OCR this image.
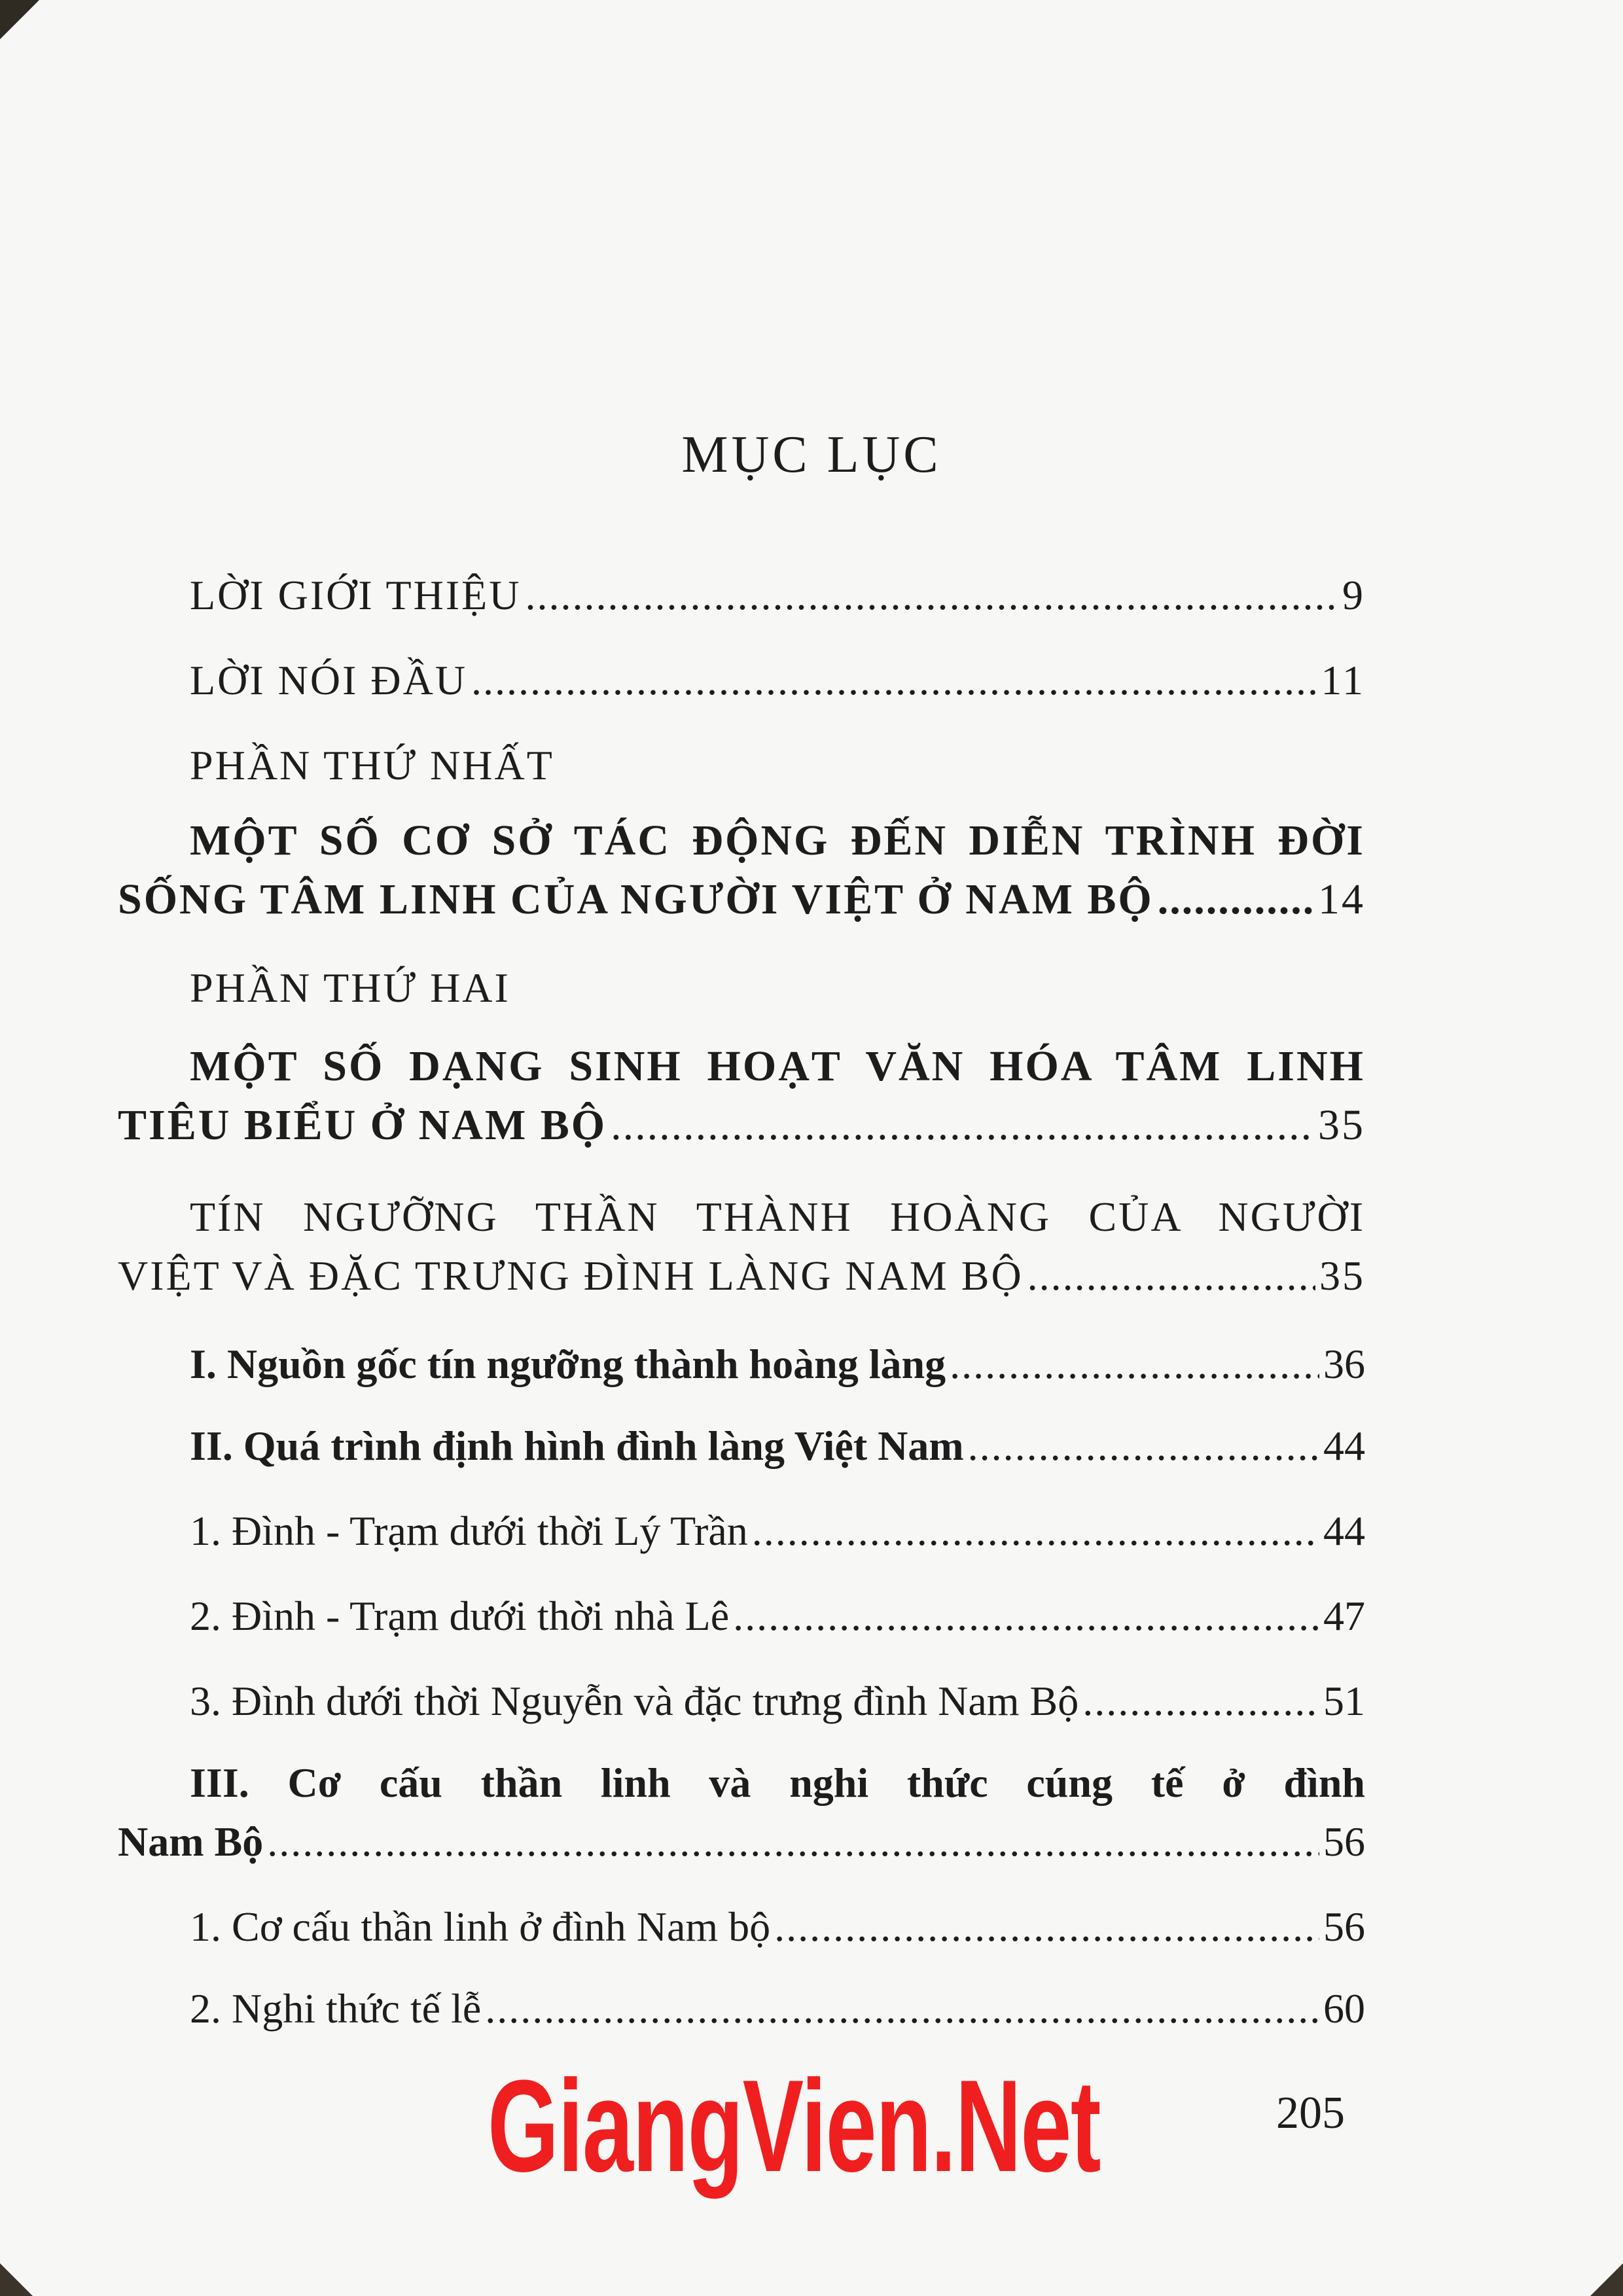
MỤC LỤC
LỜI GIỚI THIỆU .....	9
LỜI NÓI ĐẦU .....	11
PHẦN THỨ NHẤT
MỘT SỐ CƠ SỞ TÁC ĐỘNG ĐẾN DIỄN TRÌNH ĐỜI
SỐNG TÂM LINH CỦA NGƯỜI VIỆT Ở NAM BỘ .....	14
PHẦN THỨ HAI
MỘT SỐ DẠNG SINH HOẠT VĂN HÓA TÂM LINH
TIÊU BIỂU Ở NAM BỘ .....	35
TÍN NGƯỠNG THẦN THÀNH HOÀNG CỦA NGƯỜI
VIỆT VÀ ĐẶC TRƯNG ĐÌNH LÀNG NAM BỘ .....	35
I. Nguồn gốc tín ngưỡng thành hoàng làng .....	36
II. Quá trình định hình đình làng Việt Nam .....	44
1. Đình - Trạm dưới thời Lý Trần .....	44
2. Đình - Trạm dưới thời nhà Lê .....	47
3. Đình dưới thời Nguyễn và đặc trưng đình Nam Bộ .....	51
III. Cơ cấu thần linh và nghi thức cúng tế ở đình
Nam Bộ .....	56
1. Cơ cấu thần linh ở đình Nam bộ .....	56
2. Nghi thức tế lễ .....	60
GiangVien.Net	205
